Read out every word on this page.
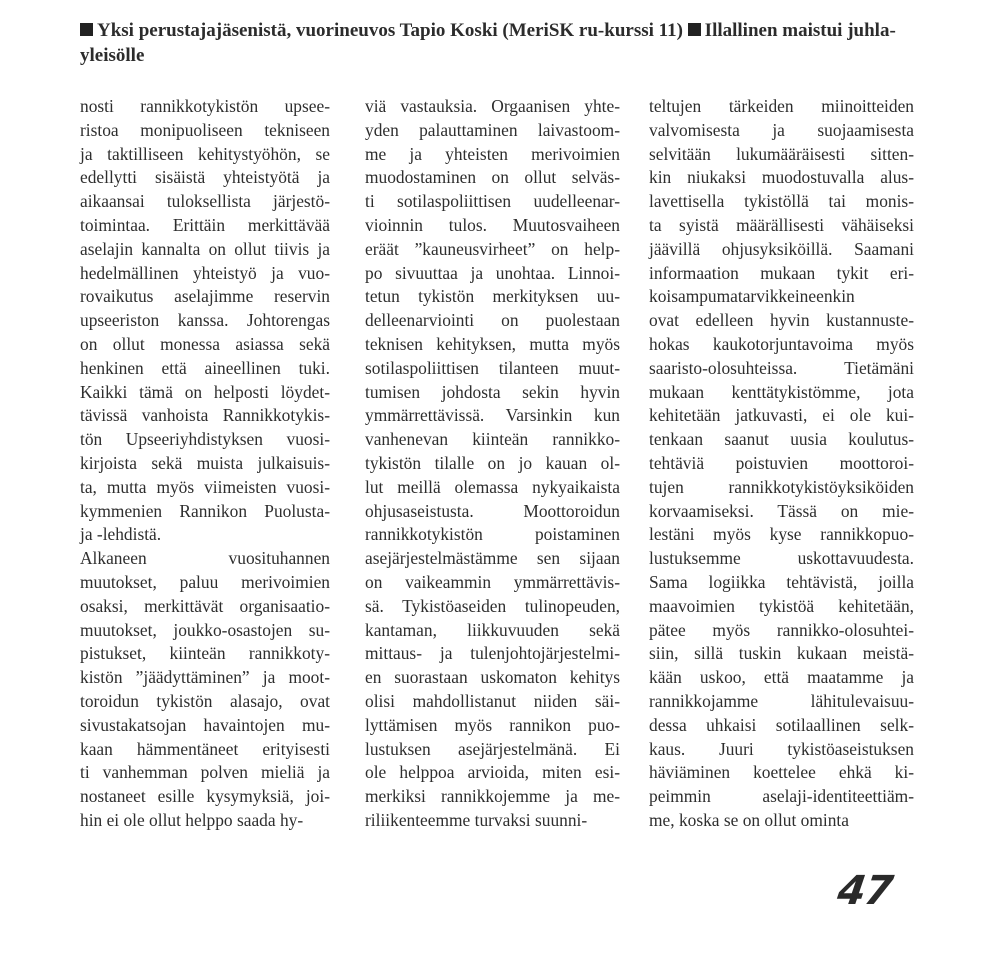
Yksi perustajajäsenistä, vuorineuvos Tapio Koski (MeriSK ru-kurssi 11) Illallinen maistui juhla-
yleisölle
nosti rannikkotykistön upsee-
ristoa monipuoliseen tekniseen
ja taktilliseen kehitystyöhön, se
edellytti sisäistä yhteistyötä ja
aikaansai tuloksellista järjestö-
toimintaa. Erittäin merkittävää
aselajin kannalta on ollut tiivis ja
hedelmällinen yhteistyö ja vuo-
rovaikutus aselajimme reservin
upseeriston kanssa. Johtorengas
on ollut monessa asiassa sekä
henkinen että aineellinen tuki.
Kaikki tämä on helposti löydet-
tävissä vanhoista Rannikkotykis-
tön Upseeriyhdistyksen vuosi-
kirjoista sekä muista julkaisuis-
ta, mutta myös viimeisten vuosi-
kymmenien Rannikon Puolusta-
ja -lehdistä.
Alkaneen vuosituhannen
muutokset, paluu merivoimien
osaksi, merkittävät organisaatio-
muutokset, joukko-osastojen su-
pistukset, kiinteän rannikkoty-
kistön ”jäädyttäminen” ja moot-
toroidun tykistön alasajo, ovat
sivustakatsojan havaintojen mu-
kaan hämmentäneet erityisesti
ti vanhemman polven mieliä ja
nostaneet esille kysymyksiä, joi-
hin ei ole ollut helppo saada hy-
viä vastauksia. Orgaanisen yhte-
yden palauttaminen laivastoom-
me ja yhteisten merivoimien
muodostaminen on ollut selväs-
ti sotilaspoliittisen uudelleenar-
vioinnin tulos. Muutosvaiheen
eräät ”kauneusvirheet” on help-
po sivuuttaa ja unohtaa. Linnoi-
tetun tykistön merkityksen uu-
delleenarviointi on puolestaan
teknisen kehityksen, mutta myös
sotilaspoliittisen tilanteen muut-
tumisen johdosta sekin hyvin
ymmärrettävissä. Varsinkin kun
vanhenevan kiinteän rannikko-
tykistön tilalle on jo kauan ol-
lut meillä olemassa nykyaikaista
ohjusaseistusta. Moottoroidun
rannikkotykistön poistaminen
asejärjestelmästämme sen sijaan
on vaikeammin ymmärrettävis-
sä. Tykistöaseiden tulinopeuden,
kantaman, liikkuvuuden sekä
mittaus- ja tulenjohtojärjestelmi-
en suorastaan uskomaton kehitys
olisi mahdollistanut niiden säi-
lyttämisen myös rannikon puo-
lustuksen asejärjestelmänä. Ei
ole helppoa arvioida, miten esi-
merkiksi rannikkojemme ja me-
riliikenteemme turvaksi suunni-
teltujen tärkeiden miinoitteiden
valvomisesta ja suojaamisesta
selvitään lukumääräisesti sitten-
kin niukaksi muodostuvalla alus-
lavettisella tykistöllä tai monis-
ta syistä määrällisesti vähäiseksi
jäävillä ohjusyksiköillä. Saamani
informaation mukaan tykit eri-
koisampumatarvikkeineenkin
ovat edelleen hyvin kustannuste-
hokas kaukotorjuntavoima myös
saaristo-olosuhteissa. Tietämäni
mukaan kenttätykistömme, jota
kehitetään jatkuvasti, ei ole kui-
tenkaan saanut uusia koulutus-
tehtäviä poistuvien moottoroi-
tujen rannikkotykistöyksiköiden
korvaamiseksi. Tässä on mie-
lestäni myös kyse rannikkopuo-
lustuksemme uskottavuudesta.
Sama logiikka tehtävistä, joilla
maavoimien tykistöä kehitetään,
pätee myös rannikko-olosuhtei-
siin, sillä tuskin kukaan meistä-
kään uskoo, että maatamme ja
rannikkojamme lähitulevaisuu-
dessa uhkaisi sotilaallinen selk-
kaus. Juuri tykistöaseistuksen
häviäminen koettelee ehkä ki-
peimmin aselaji-identiteettiäm-
me, koska se on ollut ominta
47
